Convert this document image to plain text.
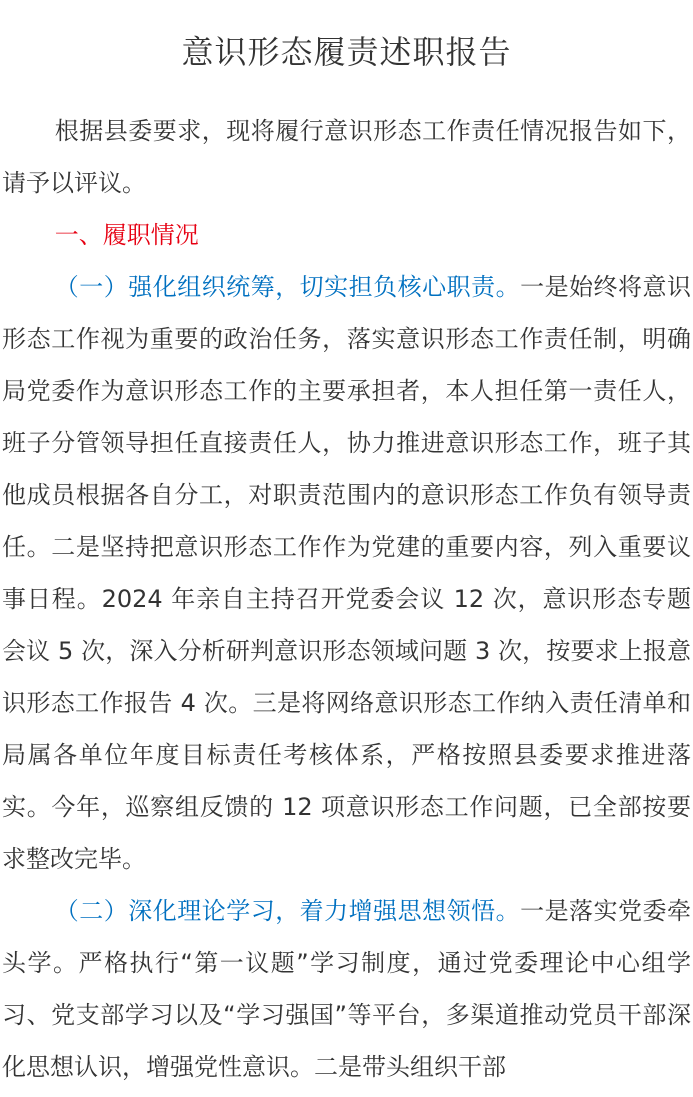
意识形态履责述职报告

根据县委要求，现将履行意识形态工作责任情况报告如下，请予以评议。

一、履职情况

（一）强化组织统筹，切实担负核心职责。一是始终将意识形态工作视为重要的政治任务，落实意识形态工作责任制，明确局党委作为意识形态工作的主要承担者，本人担任第一责任人，班子分管领导担任直接责任人，协力推进意识形态工作，班子其他成员根据各自分工，对职责范围内的意识形态工作负有领导责任。二是坚持把意识形态工作作为党建的重要内容，列入重要议事日程。2024 年亲自主持召开党委会议 12 次，意识形态专题会议 5 次，深入分析研判意识形态领域问题 3 次，按要求上报意识形态工作报告 4 次。三是将网络意识形态工作纳入责任清单和局属各单位年度目标责任考核体系，严格按照县委要求推进落实。今年，巡察组反馈的 12 项意识形态工作问题，已全部按要求整改完毕。

（二）深化理论学习，着力增强思想领悟。一是落实党委牵头学。严格执行“第一议题”学习制度，通过党委理论中心组学习、党支部学习以及“学习强国”等平台，多渠道推动党员干部深化思想认识，增强党性意识。二是带头组织干部
